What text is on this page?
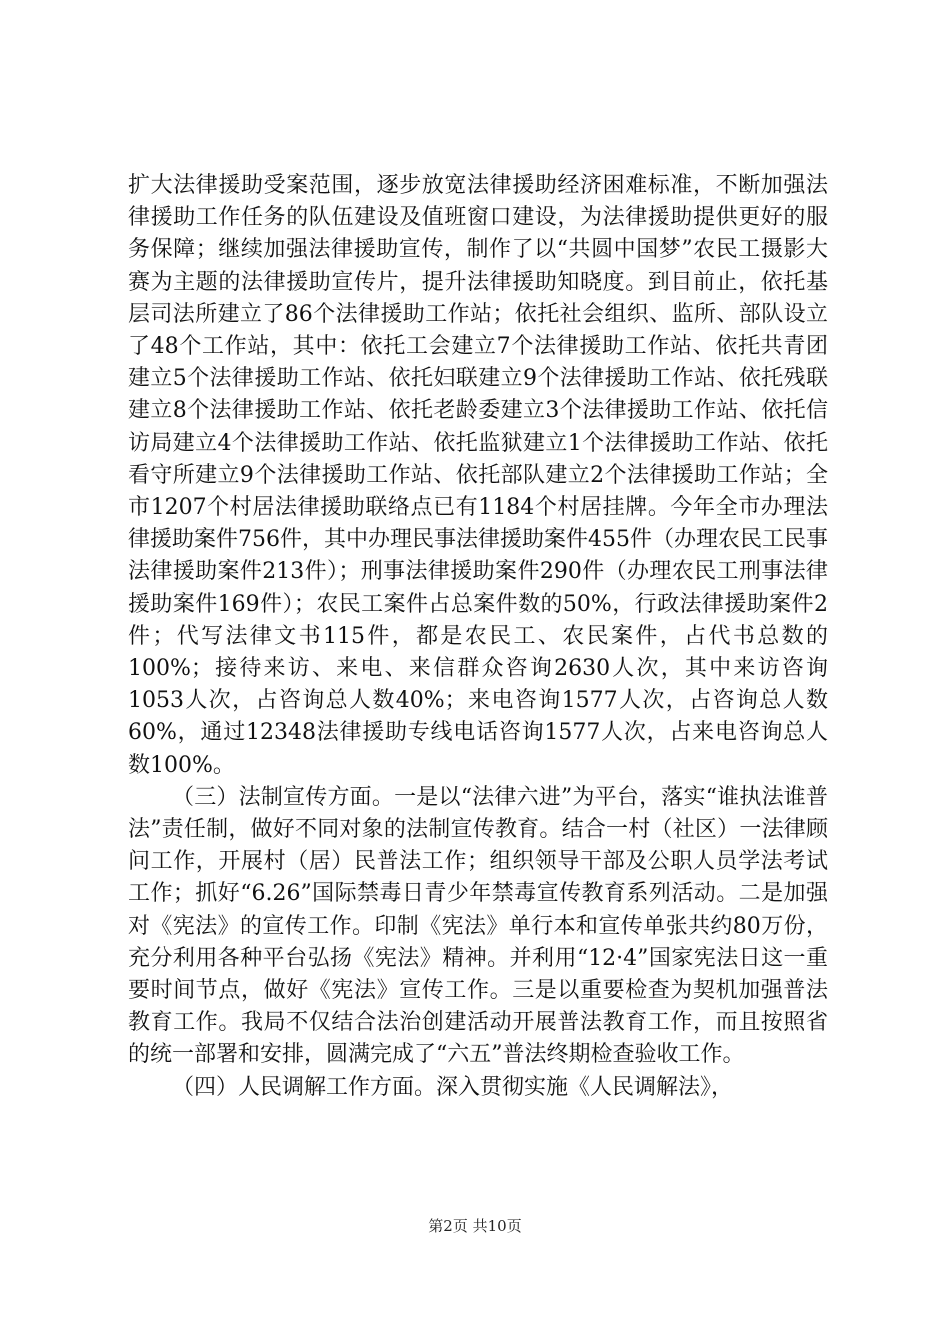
扩大法律援助受案范围，逐步放宽法律援助经济困难标准，不断加强法律援助工作任务的队伍建设及值班窗口建设，为法律援助提供更好的服务保障；继续加强法律援助宣传，制作了以“共圆中国梦”农民工摄影大赛为主题的法律援助宣传片，提升法律援助知晓度。到目前止，依托基层司法所建立了86个法律援助工作站；依托社会组织、监所、部队设立了48个工作站，其中：依托工会建立7个法律援助工作站、依托共青团建立5个法律援助工作站、依托妇联建立9个法律援助工作站、依托残联建立8个法律援助工作站、依托老龄委建立3个法律援助工作站、依托信访局建立4个法律援助工作站、依托监狱建立1个法律援助工作站、依托看守所建立9个法律援助工作站、依托部队建立2个法律援助工作站；全市1207个村居法律援助联络点已有1184个村居挂牌。今年全市办理法律援助案件756件，其中办理民事法律援助案件455件（办理农民工民事法律援助案件213件）；刑事法律援助案件290件（办理农民工刑事法律援助案件169件）；农民工案件占总案件数的50%，行政法律援助案件2件；代写法律文书115件，都是农民工、农民案件，占代书总数的100%；接待来访、来电、来信群众咨询2630人次，其中来访咨询1053人次，占咨询总人数40%；来电咨询1577人次，占咨询总人数60%，通过12348法律援助专线电话咨询1577人次，占来电咨询总人数100%。

（三）法制宣传方面。一是以“法律六进”为平台，落实“谁执法谁普法”责任制，做好不同对象的法制宣传教育。结合一村（社区）一法律顾问工作，开展村（居）民普法工作；组织领导干部及公职人员学法考试工作；抓好“6.26”国际禁毒日青少年禁毒宣传教育系列活动。二是加强对《宪法》的宣传工作。印制《宪法》单行本和宣传单张共约80万份，充分利用各种平台弘扬《宪法》精神。并利用“12·4”国家宪法日这一重要时间节点，做好《宪法》宣传工作。三是以重要检查为契机加强普法教育工作。我局不仅结合法治创建活动开展普法教育工作，而且按照省的统一部署和安排，圆满完成了“六五”普法终期检查验收工作。

（四）人民调解工作方面。深入贯彻实施《人民调解法》，

第2页 共10页
